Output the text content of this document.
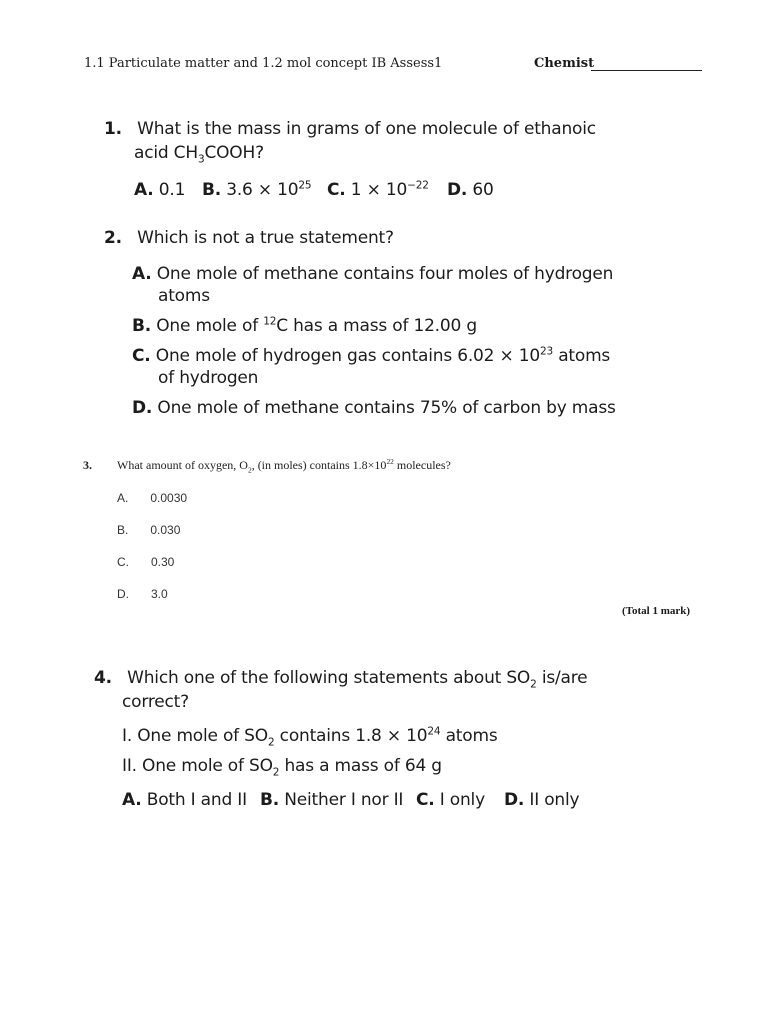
1.1 Particulate matter and 1.2 mol concept IB Assess1	Chemist
1. What is the mass in grams of one molecule of ethanoic
acid $CH_3COOH$?
A. 0.1 B. $3.6 \times 10^{25}$ C. $1 \times 10^{-22}$ D. 60
2. Which is not a true statement?
A. One mole of methane contains four moles of hydrogen
atoms
B. One mole of $^{12}$C has a mass of 12.00 g
C. One mole of hydrogen gas contains $6.02 \times 10^{23}$ atoms
of hydrogen
D. One mole of methane contains 75% of carbon by mass
3. What amount of oxygen, $O_2$, (in moles) contains $1.8\times 10^{22}$ molecules?
A. 0.0030
B. 0.030
C. 0.30
D. 3.0
(Total 1 mark)
4. Which one of the following statements about $SO_2$ is/are
correct?
I. One mole of $SO_2$ contains $1.8 \times 10^{24}$ atoms
II. One mole of $SO_2$ has a mass of 64 g
A. Both I and II B. Neither I nor II C. I only D. II only
